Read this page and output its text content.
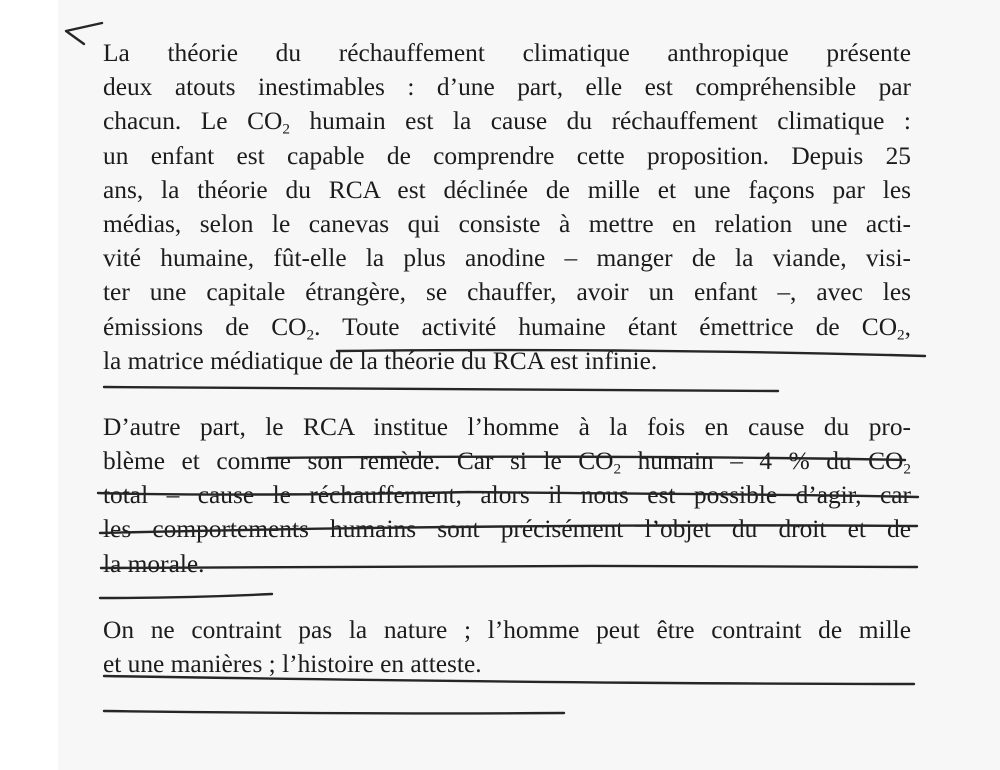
La théorie du réchauffement climatique anthropique présente
deux atouts inestimables : d’une part, elle est compréhensible par
chacun. Le $CO_2$ humain est la cause du réchauffement climatique :
un enfant est capable de comprendre cette proposition. Depuis 25
ans, la théorie du RCA est déclinée de mille et une façons par les
médias, selon le canevas qui consiste à mettre en relation une acti-
vité humaine, fût-elle la plus anodine – manger de la viande, visi-
ter une capitale étrangère, se chauffer, avoir un enfant –, avec les
émissions de $CO_2$. Toute activité humaine étant émettrice de $CO_2$,
la matrice médiatique de la théorie du RCA est infinie.
D’autre part, le RCA institue l’homme à la fois en cause du pro-
blème et comme son remède. Car si le $CO_2$ humain – 4 % du $CO_2$
total – cause le réchauffement, alors il nous est possible d’agir, car
les comportements humains sont précisément l’objet du droit et de
la morale.
On ne contraint pas la nature ; l’homme peut être contraint de mille
et une manières ; l’histoire en atteste.
